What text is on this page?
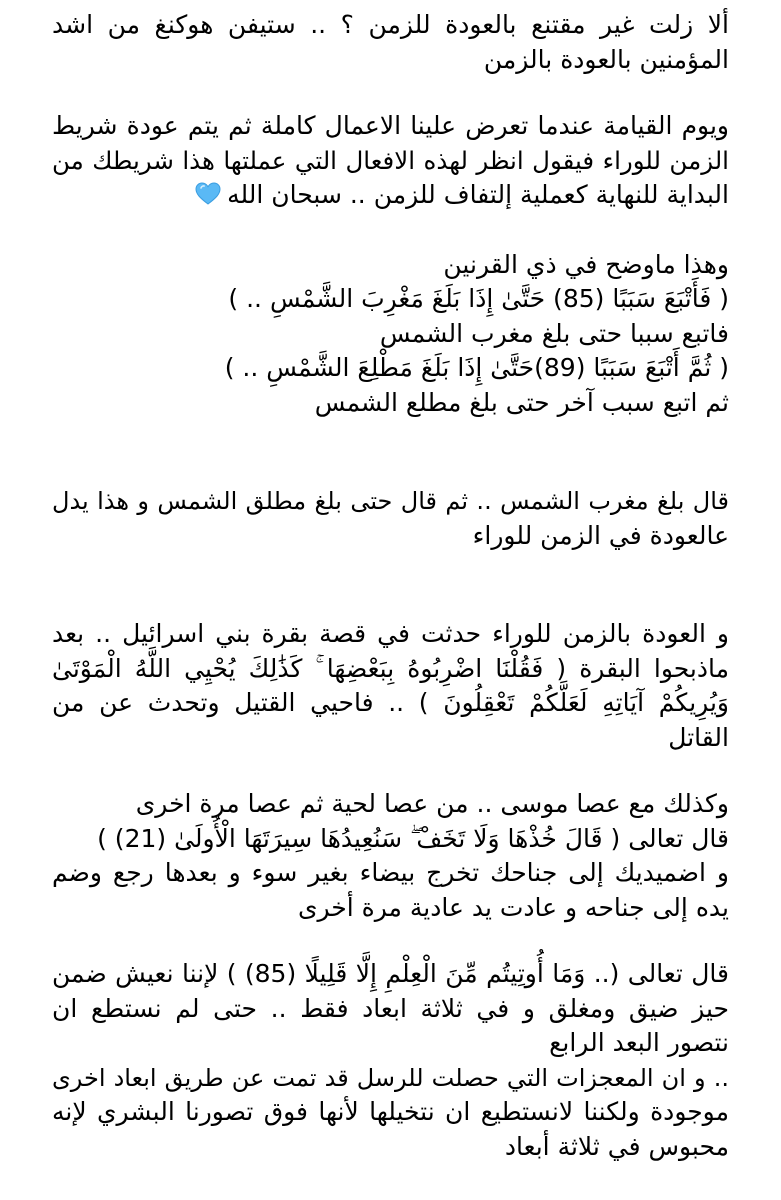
ألا زلت غير مقتنع بالعودة للزمن ؟ .. ستيفن هوكنغ من اشد
المؤمنين بالعودة بالزمن
ويوم القيامة عندما تعرض علينا الاعمال كاملة ثم يتم عودة شريط
الزمن للوراء فيقول انظر لهذه الافعال التي عملتها هذا شريطك من
البداية للنهاية كعملية إلتفاف للزمن .. سبحان الله
وهذا ماوضح في ذي القرنين
( فَأَتْبَعَ سَبَبًا (85) حَتَّىٰ إِذَا بَلَغَ مَغْرِبَ الشَّمْسِ .. )
فاتبع سببا حتى بلغ مغرب الشمس
( ثُمَّ أَتْبَعَ سَبَبًا (89)حَتَّىٰ إِذَا بَلَغَ مَطْلِعَ الشَّمْسِ .. )
ثم اتبع سبب آخر حتى بلغ مطلع الشمس
قال بلغ مغرب الشمس .. ثم قال حتى بلغ مطلق الشمس و هذا يدل
عالعودة في الزمن للوراء
و العودة بالزمن للوراء حدثت في قصة بقرة بني اسرائيل .. بعد
ماذبحوا البقرة ( فَقُلْنَا اضْرِبُوهُ بِبَعْضِهَا ۚ كَذَٰلِكَ يُحْيِي اللَّهُ الْمَوْتَىٰ
وَيُرِيكُمْ آيَاتِهِ لَعَلَّكُمْ تَعْقِلُونَ ) .. فاحيي القتيل وتحدث عن من
القاتل
وكذلك مع عصا موسى .. من عصا لحية ثم عصا مرة اخرى
قال تعالى ( قَالَ خُذْهَا وَلَا تَخَفْ ۖ سَنُعِيدُهَا سِيرَتَهَا الْأُولَىٰ (21) )
و اضميديك إلى جناحك تخرج بيضاء بغير سوء و بعدها رجع وضم
يده إلى جناحه و عادت يد عادية مرة أخرى
قال تعالى (.. وَمَا أُوتِيتُم مِّنَ الْعِلْمِ إِلَّا قَلِيلًا (85) ) لإننا نعيش ضمن
حيز ضيق ومغلق و في ثلاثة ابعاد فقط .. حتى لم نستطع ان
نتصور البعد الرابع
.. و ان المعجزات التي حصلت للرسل قد تمت عن طريق ابعاد اخرى
موجودة ولكننا لانستطيع ان نتخيلها لأنها فوق تصورنا البشري لإنه
محبوس في ثلاثة أبعاد
